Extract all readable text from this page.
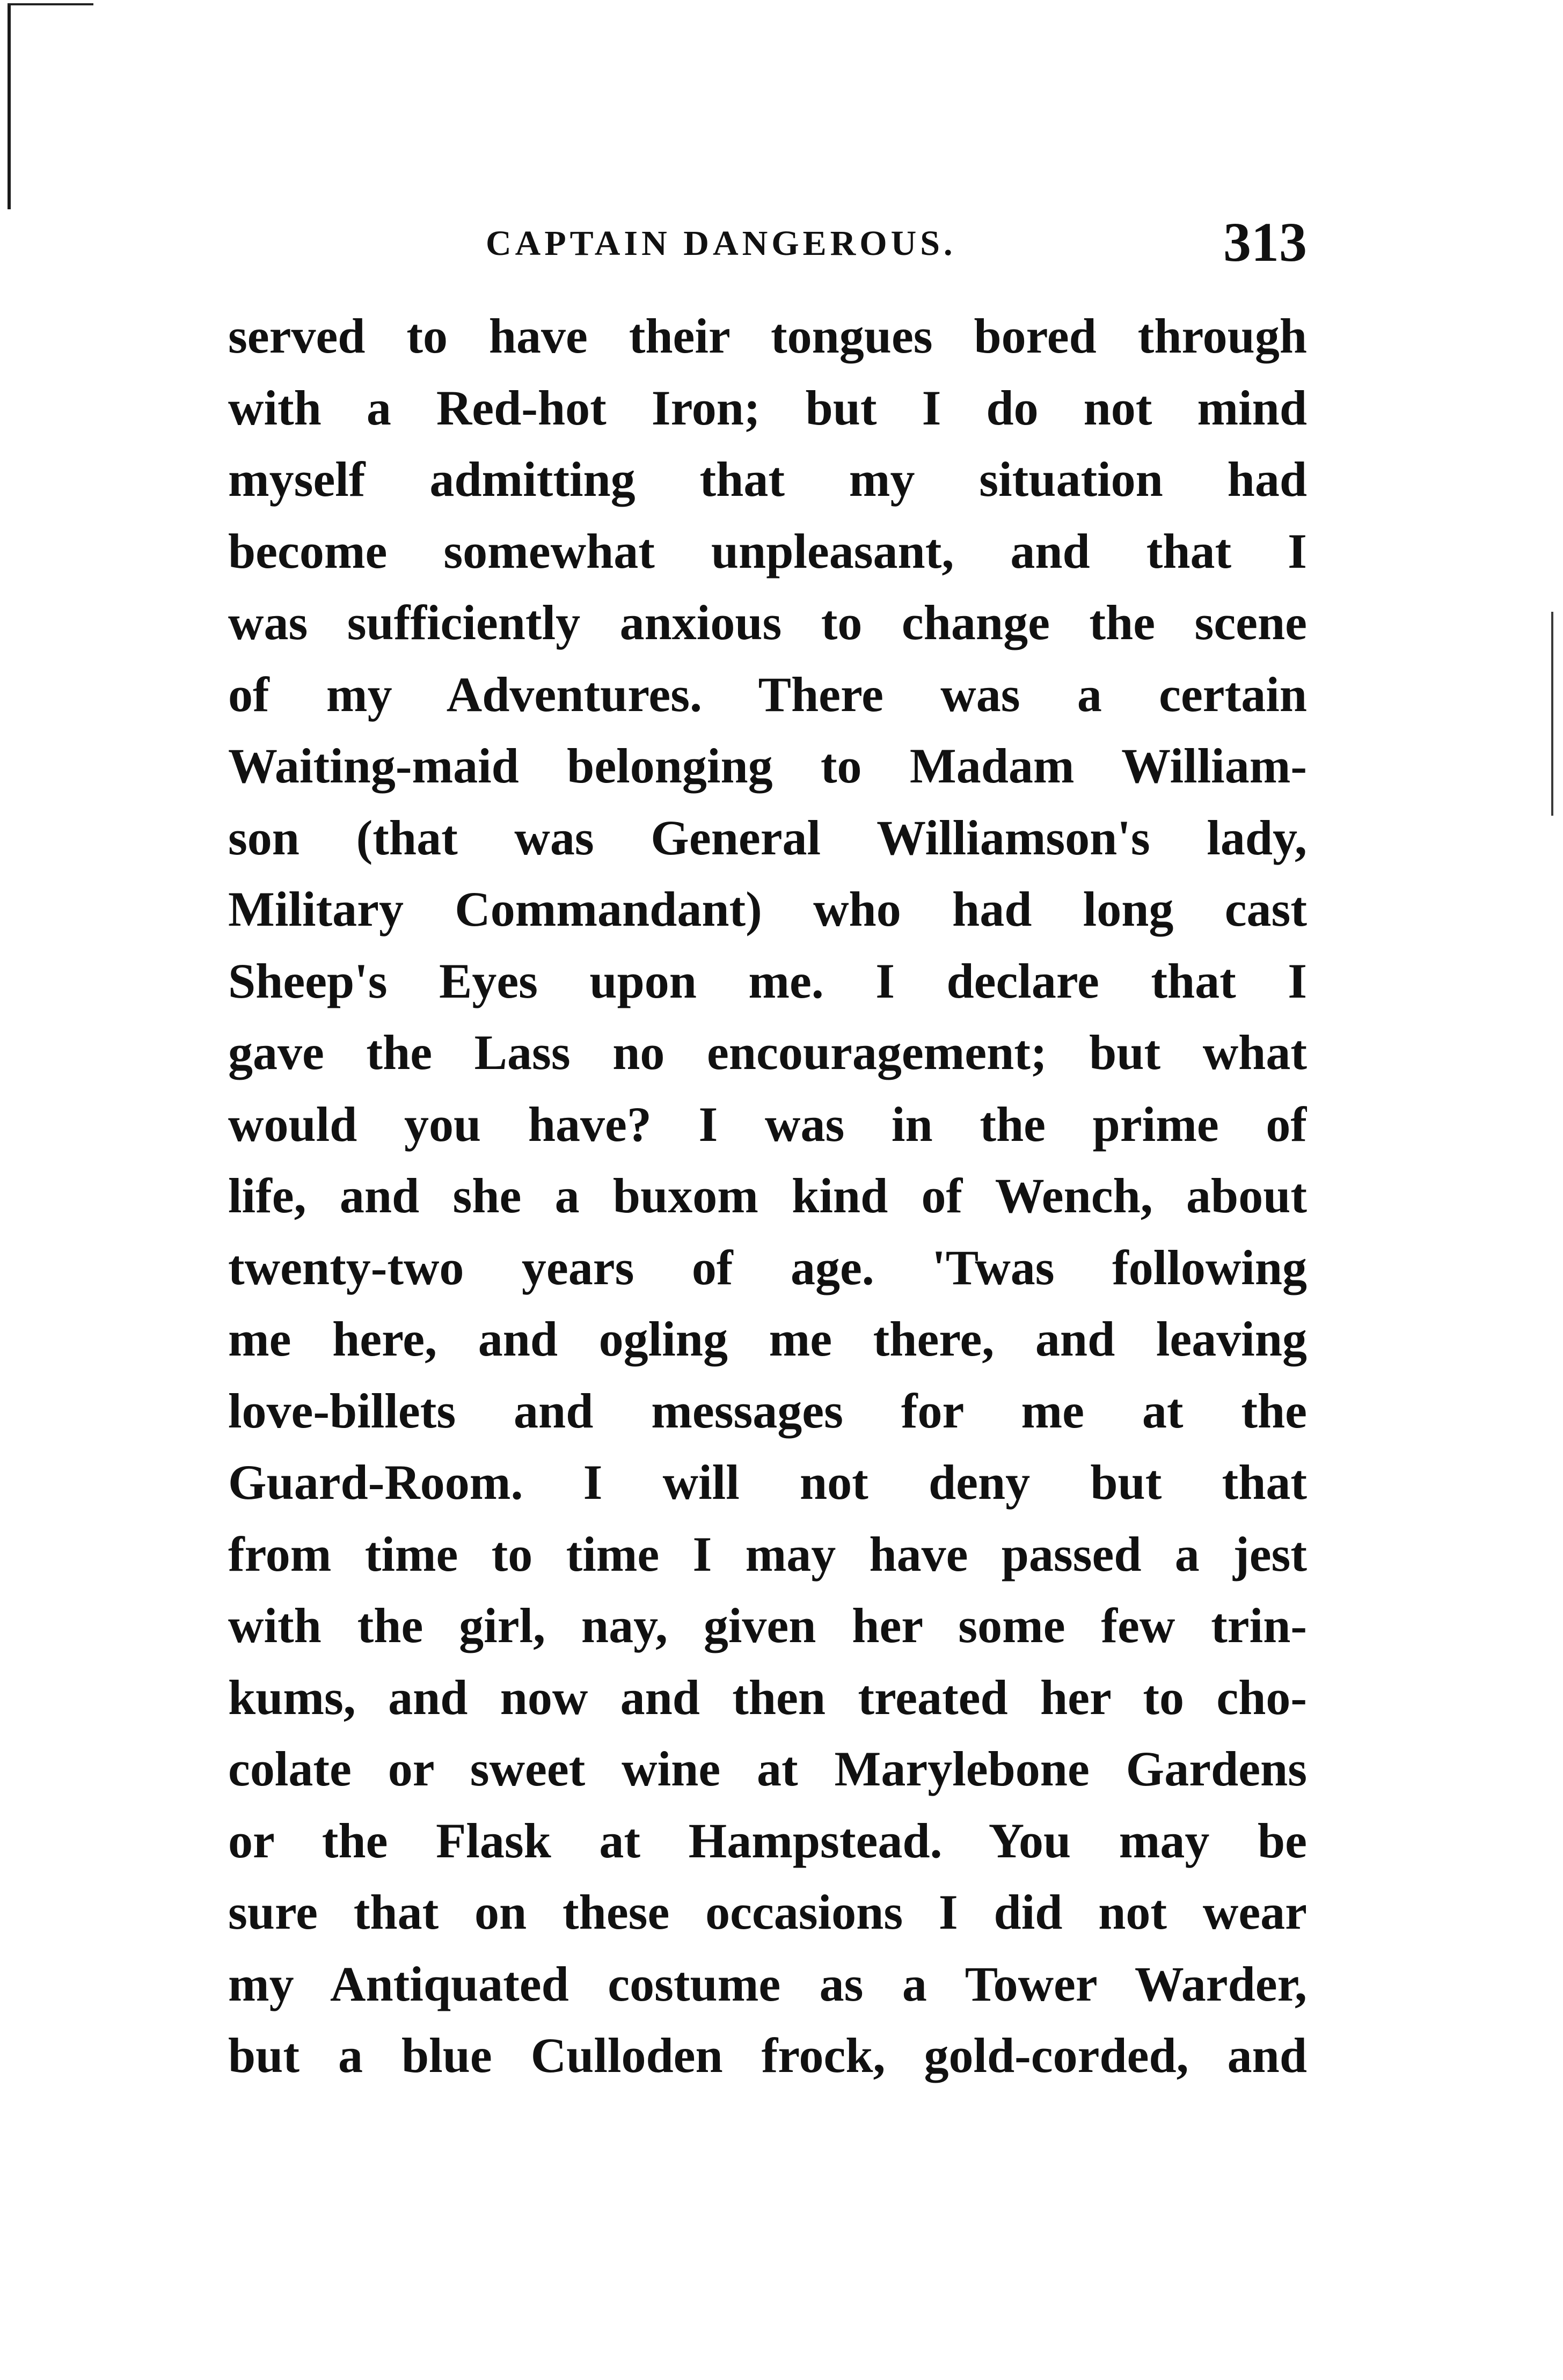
CAPTAIN DANGEROUS.	313
served to have their tongues bored through
with a Red-hot Iron; but I do not mind
myself admitting that my situation had
become somewhat unpleasant, and that I
was sufficiently anxious to change the scene
of my Adventures. There was a certain
Waiting-maid belonging to Madam William-
son (that was General Williamson's lady,
Military Commandant) who had long cast
Sheep's Eyes upon me. I declare that I
gave the Lass no encouragement; but what
would you have? I was in the prime of
life, and she a buxom kind of Wench, about
twenty-two years of age. 'Twas following
me here, and ogling me there, and leaving
love-billets and messages for me at the
Guard-Room. I will not deny but that
from time to time I may have passed a jest
with the girl, nay, given her some few trin-
kums, and now and then treated her to cho-
colate or sweet wine at Marylebone Gardens
or the Flask at Hampstead. You may be
sure that on these occasions I did not wear
my Antiquated costume as a Tower Warder,
but a blue Culloden frock, gold-corded, and
